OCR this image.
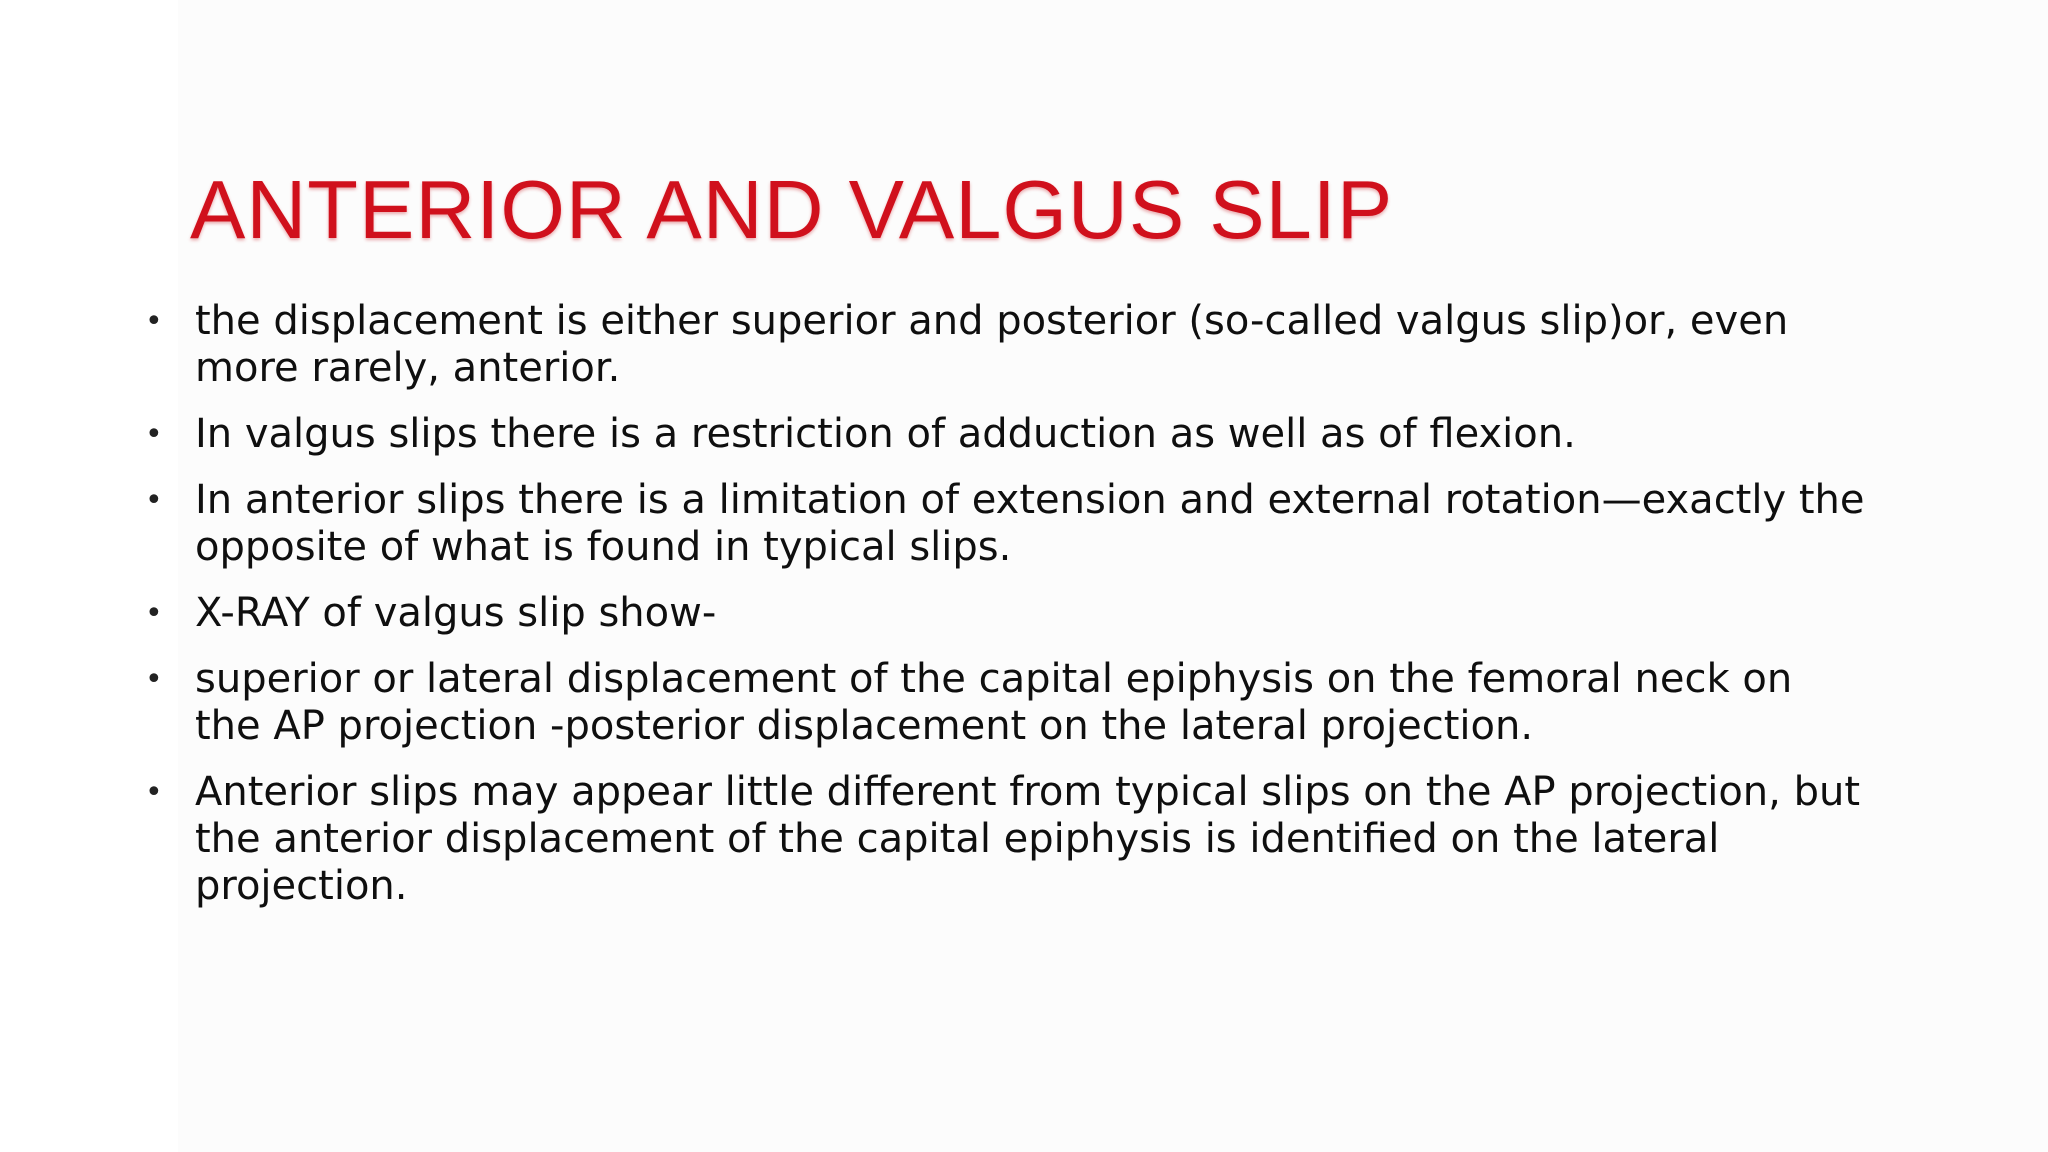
ANTERIOR AND VALGUS SLIP
• the displacement is either superior and posterior (so-called valgus slip)or, even more rarely, anterior.
• In valgus slips there is a restriction of adduction as well as of flexion.
• In anterior slips there is a limitation of extension and external rotation—exactly the opposite of what is found in typical slips.
• X-RAY of valgus slip show-
• superior or lateral displacement of the capital epiphysis on the femoral neck on the AP projection -posterior displacement on the lateral projection.
• Anterior slips may appear little different from typical slips on the AP projection, but the anterior displacement of the capital epiphysis is identified on the lateral projection.
